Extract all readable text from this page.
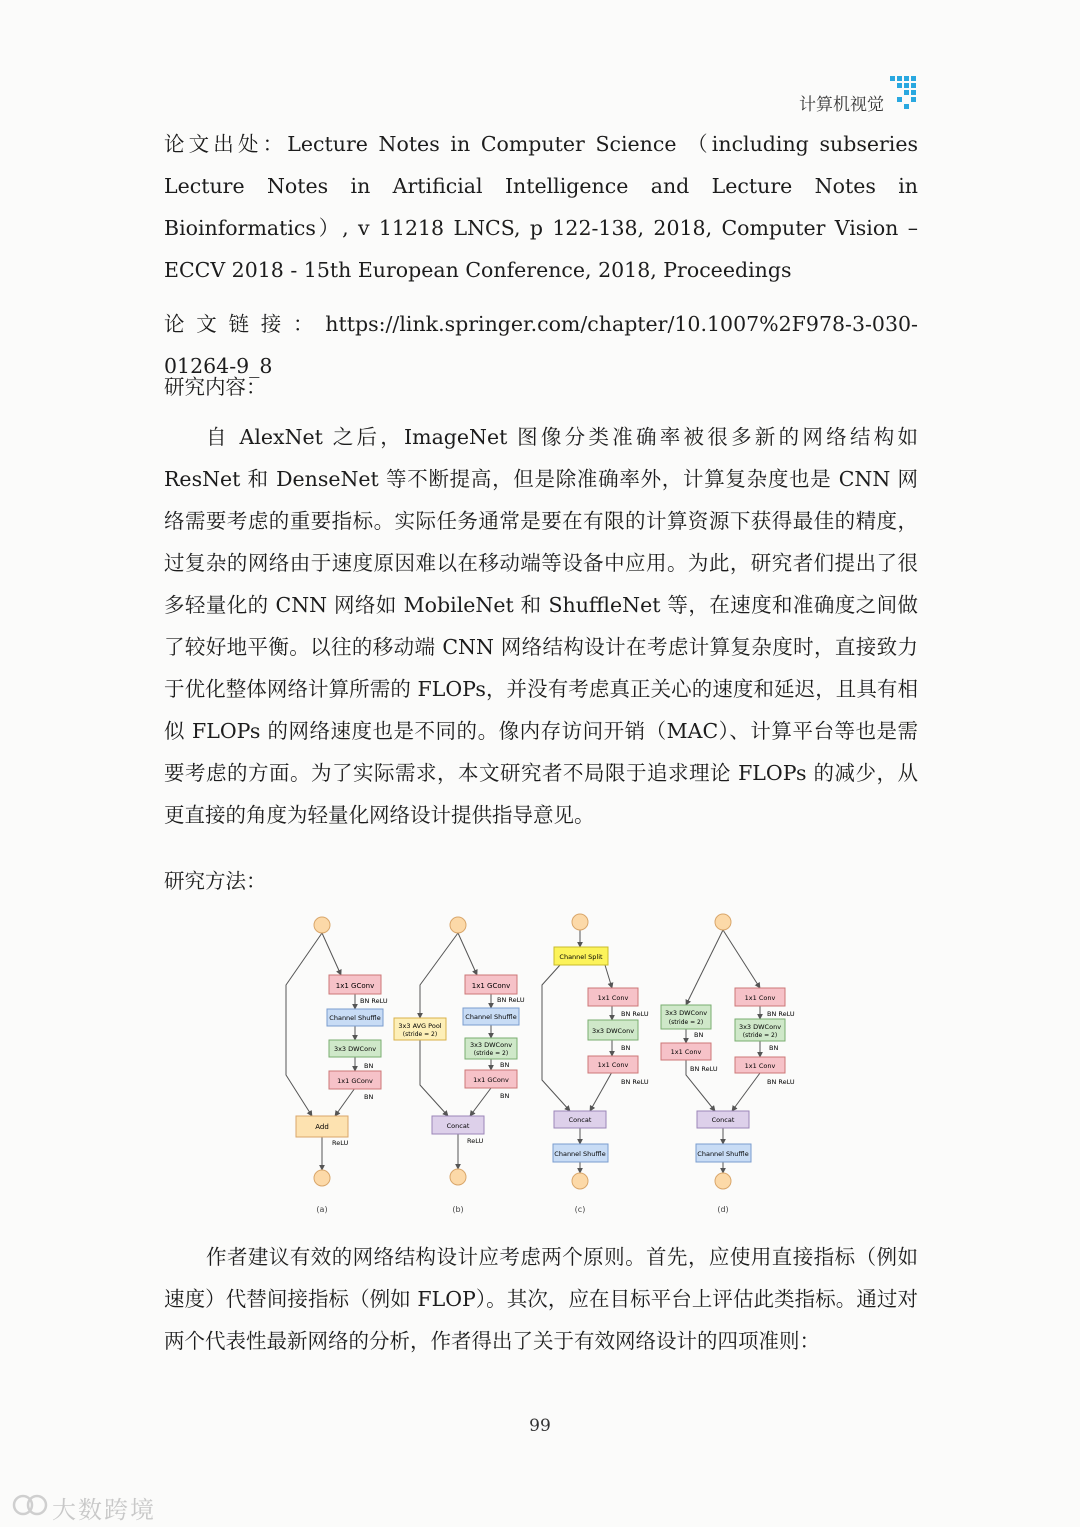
计算机视觉

论文出处：Lecture Notes in Computer Science （including subseries Lecture Notes in Artificial Intelligence and Lecture Notes in Bioinformatics）, v 11218 LNCS, p 122-138, 2018, Computer Vision – ECCV 2018 - 15th European Conference, 2018, Proceedings

论文链接：https://link.springer.com/chapter/10.1007%2F978-3-030-01264-9_8

研究内容：

自 AlexNet 之后，ImageNet 图像分类准确率被很多新的网络结构如 ResNet 和 DenseNet 等不断提高，但是除准确率外，计算复杂度也是 CNN 网络需要考虑的重要指标。实际任务通常是要在有限的计算资源下获得最佳的精度，过复杂的网络由于速度原因难以在移动端等设备中应用。为此，研究者们提出了很多轻量化的 CNN 网络如 MobileNet 和 ShuffleNet 等，在速度和准确度之间做了较好地平衡。以往的移动端 CNN 网络结构设计在考虑计算复杂度时，直接致力于优化整体网络计算所需的 FLOPs，并没有考虑真正关心的速度和延迟，且具有相似 FLOPs 的网络速度也是不同的。像内存访问开销（MAC）、计算平台等也是需要考虑的方面。为了实际需求，本文研究者不局限于追求理论 FLOPs 的减少，从更直接的角度为轻量化网络设计提供指导意见。

研究方法：

1x1 GConv
BN ReLU
Channel Shuffle
3x3 DWConv
BN
1x1 GConv
BN
Add
ReLU
(a)
1x1 GConv
BN ReLU
Channel Shuffle
3x3 AVG Pool
(stride = 2)
3x3 DWConv
(stride = 2)
BN
1x1 GConv
BN
Concat
ReLU
(b)
Channel Split
1x1 Conv
BN ReLU
3x3 DWConv
BN
1x1 Conv
BN ReLU
Concat
Channel Shuffle
(c)
3x3 DWConv
(stride = 2)
BN
1x1 Conv
BN ReLU
1x1 Conv
BN ReLU
3x3 DWConv
(stride = 2)
BN
1x1 Conv
BN ReLU
Concat
Channel Shuffle
(d)

作者建议有效的网络结构设计应考虑两个原则。首先，应使用直接指标（例如速度）代替间接指标（例如 FLOP）。其次，应在目标平台上评估此类指标。通过对两个代表性最新网络的分析，作者得出了关于有效网络设计的四项准则：

99
大数跨境
